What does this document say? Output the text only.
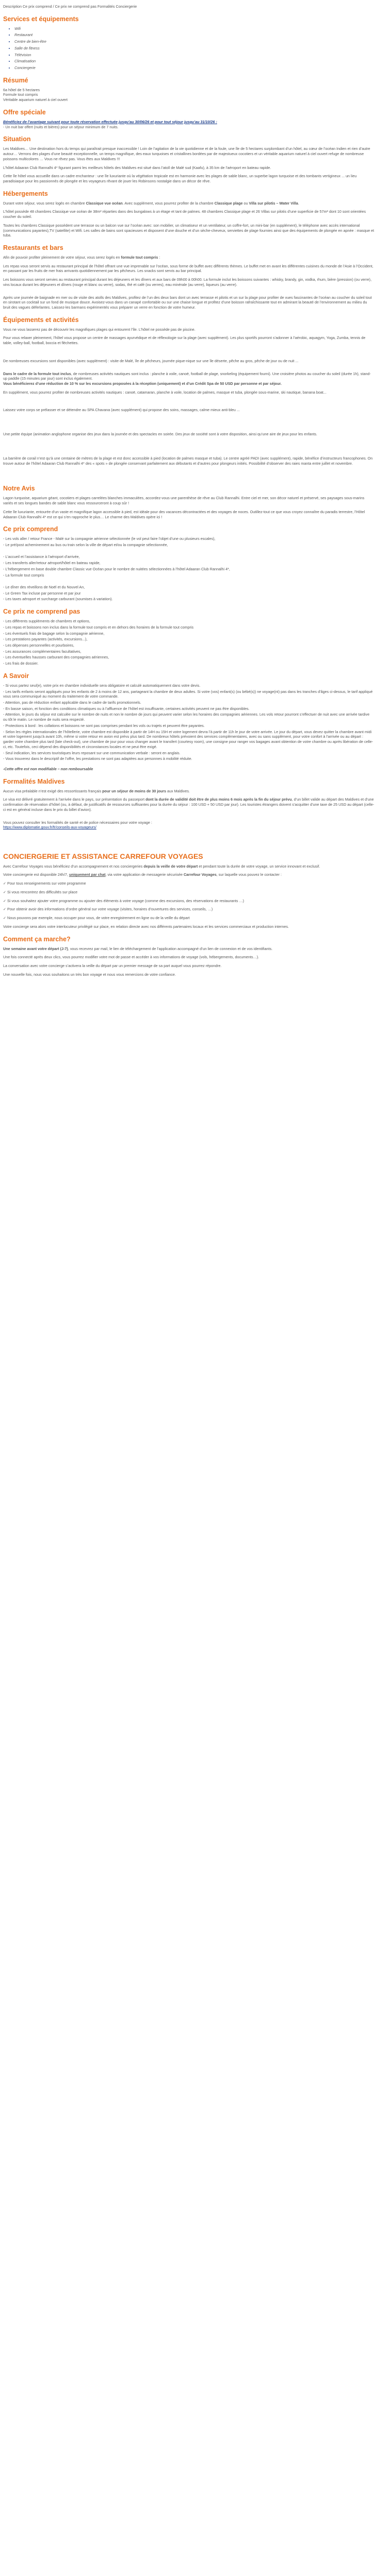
Description Ce prix comprend / Ce prix ne comprend pas Formalités Conciergerie

Services et équipements
• Wifi
• Restaurant
• Centre de bien-être
• Salle de fitness
• Télévision
• Climatisation
• Conciergerie
Résumé

6a hôtel de 5 hectares
Formule tout compris
Véritable aquarium naturel à ciel ouvert

Offre spéciale

Bénéficiez de l’avantage suivant pour toute réservation effectuée jusqu’au 30/06/26 et pour tout séjour jusqu’au 31/10/26 :
- Un nuit bar offert (nuits et bières) pour un séjour minimum de 7 nuits.

Situation

Les Maldives… Une destination hors du temps qui paraîtrait presque inaccessible ! Loin de l’agitation de la vie quotidienne et de la foule, une île de 5 hectares surplombant d’un hôtel, au cœur de l’océan Indien et rien d’autre autour… Verrons des plages d’une beauté exceptionnelle, un temps magnifique, des eaux turquoises et cristallines bordées par de majestueux cocotiers et un véritable aquarium naturel à ciel ouvert refuge de nombreuse poissons multicolores … Vous ne rêvez pas. Vous êtes aux Maldives !!!

L’hôtel Adaaran Club Rannalhi 4* figurant parmi les meilleurs hôtels des Maldives est situé dans l’atoll de Malé sud (Kaafu), à 35 km de l’aéroport en bateau rapide.

Cette île hôtel vous accueille dans un cadre enchanteur : une île luxuriante où la végétation tropicale est en harmonie avec les plages de sable blanc, un superbe lagon turquoise et des tombants vertigineux ... un lieu paradisiaque pour les passionnés de plongée et les voyageurs rêvant de jouer les Robinsons nostalgie dans un décor de rêve.

Hébergements

Durant votre séjour, vous serez logés en chambre Classique vue océan. Avec supplément, vous pourrez profiter de la chambre Classique plage ou Villa sur pilotis – Water Villa.

L’hôtel possède 48 chambres Classique vue océan de 38m² réparties dans des bungalows à un étage et tant de palmes. 48 chambres Classique plage et 26 Villas sur pilotis d’une superficie de 57m² dont 10 sont orientées coucher du soleil.

Toutes les chambres Classique possèdent une terrasse ou un balcon vue sur l’océan avec: son mobilier, un climatiseur et un ventilateur, un coffre-fort, un mini-bar (en supplément), le téléphone avec accès international (communications payantes),TV (satellite) et Wifi. Les salles de bains sont spacieuses et disposent d’une douche et d’un sèche-cheveux, serviettes de plage fournies ainsi que des équipements de plongée en apnée : masque et tuba.

Restaurants et bars

Afin de pouvoir profiter pleinement de votre séjour, vous serez logés en formule tout compris :

Les repas vous seront servis au restaurant principal de l’hôtel offrant une vue imprenable sur l’océan, sous forme de buffet avec différents thèmes. Le buffet met en avant les différentes cuisines du monde de l’Asie à l’Occident, en passant par les fruits de mer frais arrivants quotidiennement par les pêcheurs. Les snacks sont servis au bar principal.

Les boissons vous seront servies au restaurant principal durant les déjeuners et les dîners et aux bars de 09h00 à 00h00. La formule inclut les boissons suivantes : whisky, brandy, gin, vodka, rhum, bière (pression) (ou verre), vins locaux durant les déjeuners et dîners (rouge et blanc ou verre), sodas, thé et café (ou verres), eau minérale (au verre), liqueurs (au verre).

Après une journée de baignade en mer ou de visite des atolls des Maldives, profitez de l’un des deux bars dont un avec terrasse et pilotis et un sur la plage pour profiter de vues fascinantes de l’océan au coucher du soleil tout en sirotant un cocktail sur un fond de musique douce. Avoisez-vous dans un canapé confortable ou sur une chaise longue et profitez d’une boisson rafraîchissante tout en admirant la beauté de l’environnement au milieu du bruit des vagues déferlantes. Laissez-les barmans expérimentés vous préparer un verre en fonction de votre humeur.

Équipements et activités

Vous ne vous lasserez pas de découvrir les magnifiques plages qui entourent l’île. L’hôtel ne possède pas de piscine.

Pour vous relaxer pleinement, l’hôtel vous propose un centre de massages ayurvédique et de réflexologie sur la plage (avec supplément). Les plus sportifs pourront s’adonner à l’aérobic, aquagym, Yoga, Zumba, tennis de table, volley-ball, football, boccia et fléchettes.

De nombreuses excursions sont disponibles (avec supplément) : visite de Malé, île de pêcheurs, journée pique-nique sur une île déserte, pêche au gros, pêche de jour ou de nuit ...

Dans le cadre de la formule tout inclus, de nombreuses activités nautiques sont inclus : planche à voile, canoë, football de plage, snorkeling (équipement fourni). Une croisière photos au coucher du soleil (durée 1h), stand-up paddle (15 minutes par jour) sont inclus également.
Vous bénéficierez d’une réduction de 10 % sur les excursions proposées à la réception (uniquement) et d’un Crédit Spa de 50 USD par personne et par séjour.

En supplément, vous pourrez profiter de nombreuses activités nautiques : canoë, catamaran, planche à voile, location de palmes, masque et tuba, plongée sous-marine, ski nautique, banana boat...

Laissez votre corps se prélasser et se détendre au SPA Chavana (avec supplément) qui propose des soins, massages, calme mieux anti-bleu ...

Une petite équipe (animation anglophone organise des jeux dans la journée et des spectacles en soirée. Des jeux de société sont à votre disposition, ainsi qu’une aire de jeux pour les enfants.

La barrière de corail n’est qu’à une centaine de mètres de la plage et est donc accessible à pied (location de palmes masque et tuba). Le centre agréé PADI (avec supplément), rapide, bénéfice d’instructeurs francophones. On trouve autour de l’hôtel Adaaran Club Rannalhi 4* des « spots » de plongée conservant parfaitement aux débutants et d’autres pour plongeurs initiés. Possibilité d’observer des raies manta entre juillet et novembre.

Notre Avis

Lagon turquoise, aquarium géant, cocotiers et plages carrelées blanches immaculées, accordez-vous une parenthèse de rêve au Club Rannalhi. Entre ciel et mer, son décor naturel et préservé, ses paysages sous-marins variés et ses longues bandes de sable blanc vous ressourceront à coup sûr !

Cette île luxuriante, entourée d’un vaste et magnifique lagon accessible à pied, est idéale pour des vacances décontractées et des voyages de noces. Outillez-tout ce que vous croyez connaître du paradis terrestre, l’Hôtel Adaaran Club Rannalhi 4* est ce qui s’en rapproche le plus… Le charme des Maldives opère ici !

Ce prix comprend

- Les vols aller / retour France - Malé sur la compagnie aérienne sélectionnée (le vol peut faire l’objet d’une ou plusieurs escales),

- Le pré/post acheminement au bus ou train selon la ville de départ et/ou la compagnie sélectionnée,

- L’accueil et l’assistance à l’aéroport d’arrivée,

- Les transferts aller/retour aéroport/hôtel en bateau rapide,

- L’hébergement en base double chambre Classic vue Océan pour le nombre de nuitées sélectionnées à l’hôtel Adaaran Club Rannalhi 4*,

- La formule tout compris

- Le dîner des réveillons de Noël et du Nouvel An,

- Le Green Tax incluse par personne et par jour

- Les taxes aéroport et surcharge carburant (soumises à variation).

Ce prix ne comprend pas

- Les différents suppléments de chambres et options,

- Les repas et boissons non inclus dans la formule tout compris et en dehors des horaires de la formule tout compris

- Les éventuels frais de bagage selon la compagnie aérienne,

- Les prestations payantes (activités, excursions...),

- Les dépenses personnelles et pourboires,

- Les assurances complémentaires facultatives,

- Les éventuelles hausses carburant des compagnies aériennes,

- Les frais de dossier.

A Savoir

- Si vous partez seul(e), votre prix en chambre individuelle sera obligatoire et calculé automatiquement dans votre devis.

- Les tarifs enfants seront appliqués pour les enfants de 2 à moins de 12 ans, partageant la chambre de deux adultes. Si votre (vos) enfant(s) (ou bébé(s)) ne voyage(nt) pas dans les tranches d’âges ci-dessus, le tarif appliqué vous sera communiqué au moment du traitement de votre commande.

- Attention, pas de réduction enfant applicable dans le cadre de tarifs promotionnels.

- En basse saison, et fonction des conditions climatiques ou à l’affluence de l’hôtel est insuffisante, certaines activités peuvent ne pas être disponibles.

- Attention, le jours du séjour est calculée sur le nombre de nuits et non le nombre de jours qui peuvent varier selon les horaires des compagnies aériennes. Les vols retour pourront s’effectuer de nuit avec une arrivée tardive ou tôt le matin. Le nombre de nuits sera respecté.

- Protections à bord : les collations et boissons ne sont pas comprises pendant les vols ou trajets et peuvent être payantes.

- Selon les règles internationales de l’hôtellerie, votre chambre est disponible à partir de 14H ou 15H et votre logement devra l’à partir de 11h le jour de votre arrivée. Le jour du départ, vous devez quitter la chambre avant midi et votre logement jusqu’à avant 10h, même si votre retour en avion est prévu plus tard. De nombreux hôtels prévoient des services complémentaires, avec ou sans supplément, pour votre confort à l’arrivée ou au départ : garder votre chambre plus tard (late check-out), une chambre de jour pour vous changer avant le transfert (courtesy room), une consigne pour ranger vos bagages avant obtention de votre chambre ou après libération de celle-ci, etc. Toutefois, ceci dépend des disponibilités et circonstances locales et ne peut être exigé.

- Seul indication, les services touristiques leurs reposant sur une communication verbale : seront en anglais.

- Vous trouverez dans le descriptif de l’offre, les prestations ne sont pas adaptées aux personnes à mobilité réduite.

-Cette offre est non modifiable – non remboursable

Formalités Maldives

Aucun visa préalable n’est exigé des ressortissants français pour un séjour de moins de 30 jours aux Maldives.

Le visa est délivré gratuitement à l’arrivée dans le pays, sur présentation du passeport dont la durée de validité doit être de plus moins 6 mois après la fin du séjour prévu, d’un billet valide au départ des Maldives et d’une confirmation de réservation d’hôtel (ou, à défaut, de justificatifs de ressources suffisantes pour la durée du séjour : 100 USD + 50 USD par jour). Les touristes étrangers doivent s’acquitter d’une taxe de 25 USD au départ (celle-ci est en général incluse dans le prix du billet d’avion).

Vous pouvez consulter les formalités de santé et de police nécessaires pour votre voyage :
https://www.diplomatie.gouv.fr/fr/conseils-aux-voyageurs/

CONCIERGERIE ET ASSISTANCE CARREFOUR VOYAGES

Avec Carrefour Voyages vous bénéficiez d’un accompagnement et nos conciergeries depuis la veille de votre départ et pendant toute la durée de votre voyage, un service innovant et exclusif.

Votre conciergerie est disponible 24h/7, uniquement par chat, via votre application de messagerie sécurisée Carrefour Voyages, sur laquelle vous pouvez le contacter :

✓ Pour tous renseignements sur votre programme

✓ Si vous rencontrez des difficultés sur place

✓ Si vous souhaitez ajouter votre programme ou ajouter des éléments à votre voyage (comme des excursions, des réservations de restaurants …)

✓ Pour obtenir avoir des informations d’ordre général sur votre voyage (visites, horaires d’ouvertures des services, conseils, …)

✓ Nous pouvons par exemple, nous occuper pour vous, de votre enregistrement en ligne ou de la veille du départ

Votre concierge sera alors votre interlocuteur privilégié sur place, en relation directe avec nos différents partenaires locaux et les services commerciaux et production internes.

Comment ça marche?

Une semaine avant votre départ (J-7), vous recevrez par mail, le lien de téléchargement de l’application accompagné d’un lien de connexion et de vos identifiants.

Une fois connecté après deux clics, vous pourrez modifier votre mot de passe et accéder à vos informations de voyage (vols, hébergements, documents…).

La conversation avec votre concierge s’activera la veille du départ par un premier message de sa part auquel vous pourrez répondre.

Une nouvelle fois, nous vous souhaitons un très bon voyage et nous vous remercions de votre confiance.
